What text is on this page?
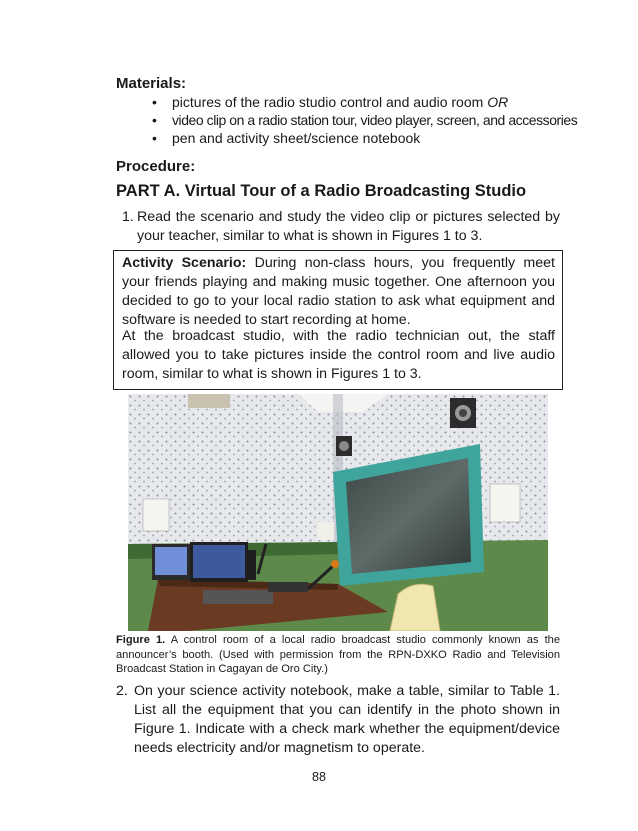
Materials:
• pictures of the radio studio control and audio room OR
• video clip on a radio station tour, video player, screen, and accessories
• pen and activity sheet/science notebook
Procedure:
PART A. Virtual Tour of a Radio Broadcasting Studio
1. Read the scenario and study the video clip or pictures selected by your teacher, similar to what is shown in Figures 1 to 3.
Activity Scenario: During non-class hours, you frequently meet your friends playing and making music together. One afternoon you decided to go to your local radio station to ask what equipment and software is needed to start recording at home.
At the broadcast studio, with the radio technician out, the staff allowed you to take pictures inside the control room and live audio room, similar to what is shown in Figures 1 to 3.
Figure 1. A control room of a local radio broadcast studio commonly known as the announcer’s booth. (Used with permission from the RPN-DXKO Radio and Television Broadcast Station in Cagayan de Oro City.)
2. On your science activity notebook, make a table, similar to Table 1. List all the equipment that you can identify in the photo shown in Figure 1. Indicate with a check mark whether the equipment/device needs electricity and/or magnetism to operate.
88
